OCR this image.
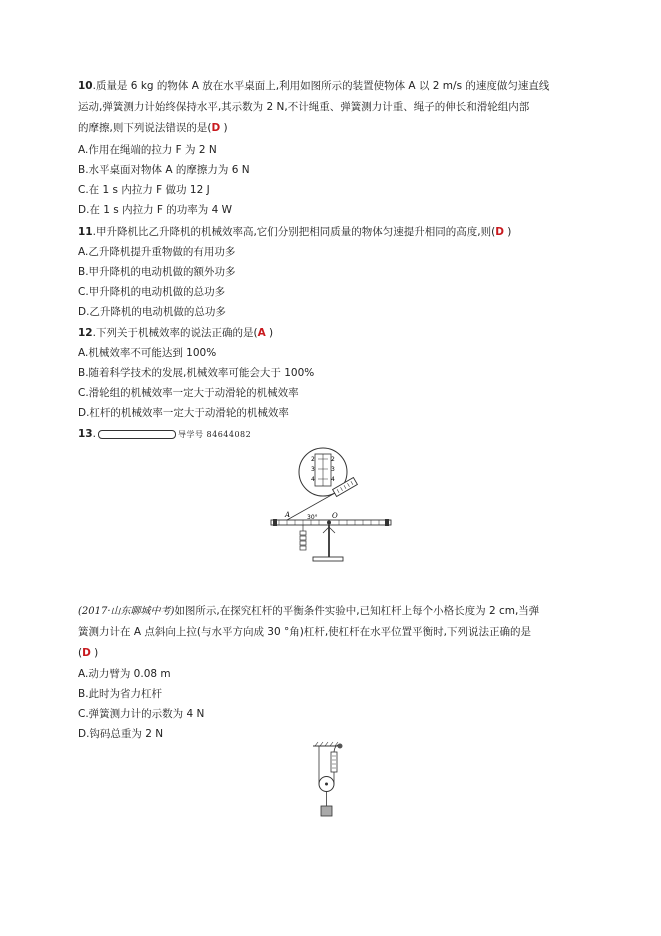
10.质量是 6 kg 的物体 A 放在水平桌面上,利用如图所示的装置使物体 A 以 2 m/s 的速度做匀速直线
运动,弹簧测力计始终保持水平,其示数为 2 N,不计绳重、弹簧测力计重、绳子的伸长和滑轮组内部
的摩擦,则下列说法错误的是(D )
A.作用在绳端的拉力 F 为 2 N
B.水平桌面对物体 A 的摩擦力为 6 N
C.在 1 s 内拉力 F 做功 12 J
D.在 1 s 内拉力 F 的功率为 4 W
11.甲升降机比乙升降机的机械效率高,它们分别把相同质量的物体匀速提升相同的高度,则(D )
A.乙升降机提升重物做的有用功多
B.甲升降机的电动机做的额外功多
C.甲升降机的电动机做的总功多
D.乙升降机的电动机做的总功多
12.下列关于机械效率的说法正确的是(A )
A.机械效率不可能达到 100%
B.随着科学技术的发展,机械效率可能会大于 100%
C.滑轮组的机械效率一定大于动滑轮的机械效率
D.杠杆的机械效率一定大于动滑轮的机械效率
13.	导学号 84644082
2
3
4
2
3
4
A	O
30°
(2017·山东聊城中考)如图所示,在探究杠杆的平衡条件实验中,已知杠杆上每个小格长度为 2 cm,当弹
簧测力计在 A 点斜向上拉(与水平方向成 30 °角)杠杆,使杠杆在水平位置平衡时,下列说法正确的是
(D )
A.动力臂为 0.08 m
B.此时为省力杠杆
C.弹簧测力计的示数为 4 N
D.钩码总重为 2 N
